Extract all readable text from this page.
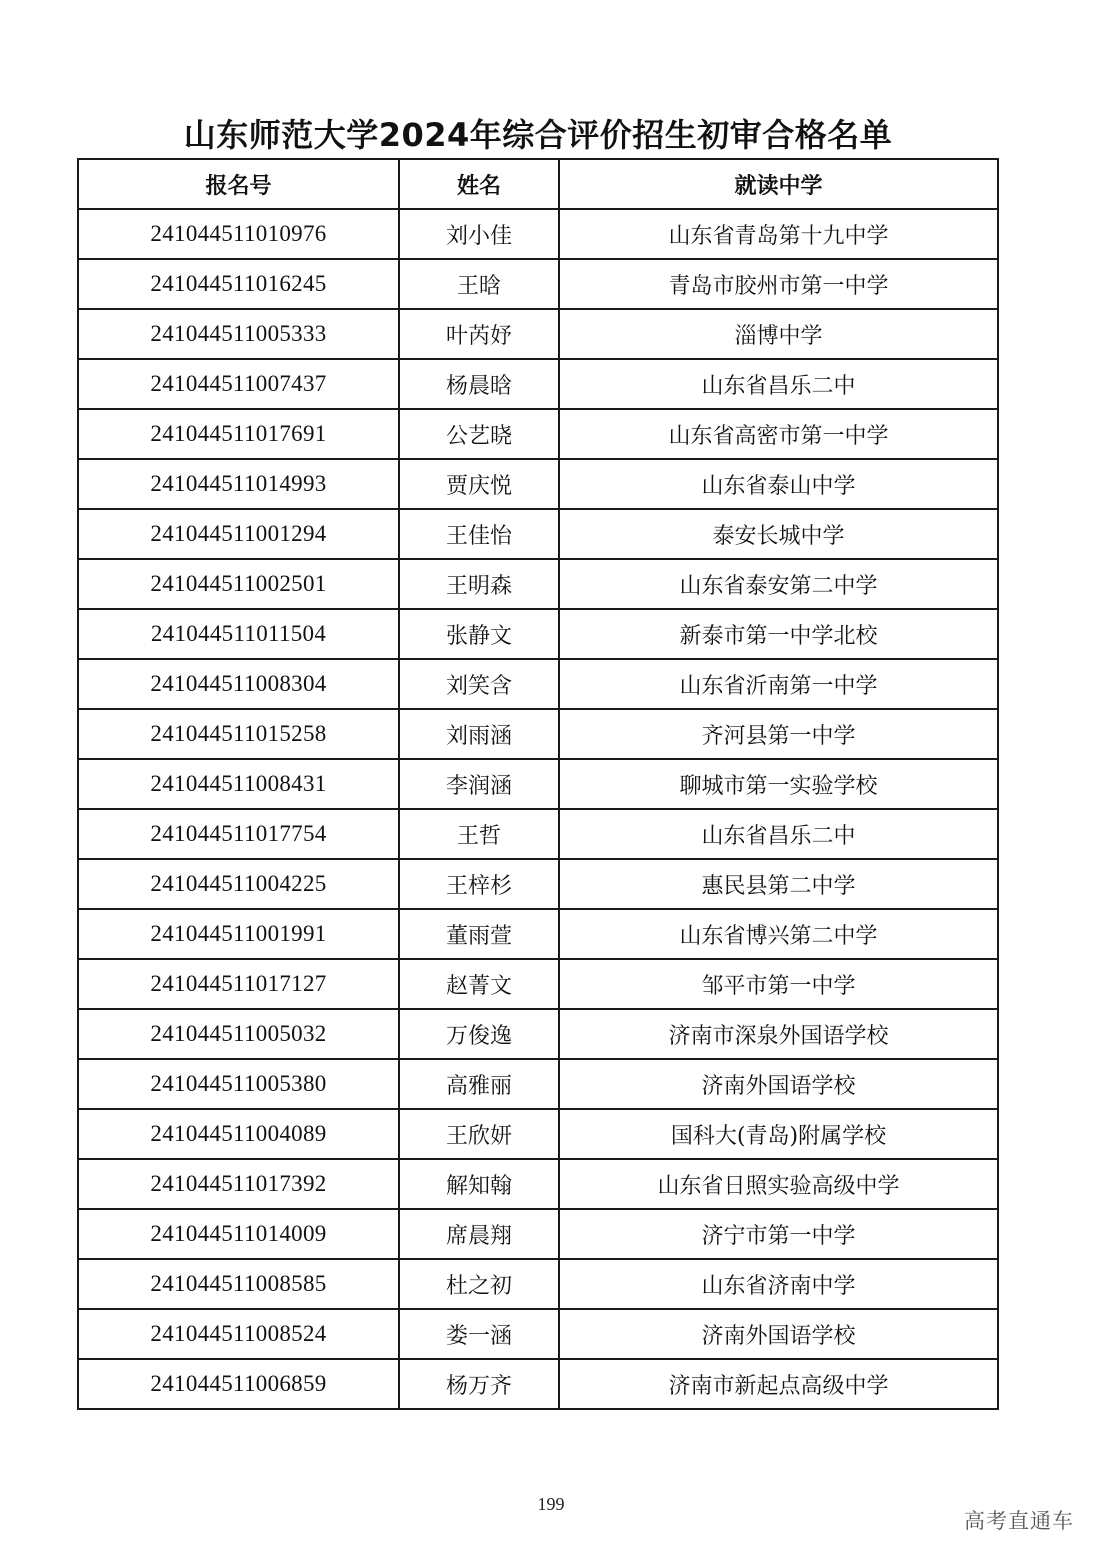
山东师范大学2024年综合评价招生初审合格名单
报名号	姓名	就读中学
241044511010976	刘小佳	山东省青岛第十九中学
241044511016245	王晗	青岛市胶州市第一中学
241044511005333	叶芮妤	淄博中学
241044511007437	杨晨晗	山东省昌乐二中
241044511017691	公艺晓	山东省高密市第一中学
241044511014993	贾庆悦	山东省泰山中学
241044511001294	王佳怡	泰安长城中学
241044511002501	王明森	山东省泰安第二中学
241044511011504	张静文	新泰市第一中学北校
241044511008304	刘笑含	山东省沂南第一中学
241044511015258	刘雨涵	齐河县第一中学
241044511008431	李润涵	聊城市第一实验学校
241044511017754	王哲	山东省昌乐二中
241044511004225	王梓杉	惠民县第二中学
241044511001991	董雨萱	山东省博兴第二中学
241044511017127	赵菁文	邹平市第一中学
241044511005032	万俊逸	济南市深泉外国语学校
241044511005380	高雅丽	济南外国语学校
241044511004089	王欣妍	国科大(青岛)附属学校
241044511017392	解知翰	山东省日照实验高级中学
241044511014009	席晨翔	济宁市第一中学
241044511008585	杜之初	山东省济南中学
241044511008524	娄一涵	济南外国语学校
241044511006859	杨万齐	济南市新起点高级中学
199
高考直通车
